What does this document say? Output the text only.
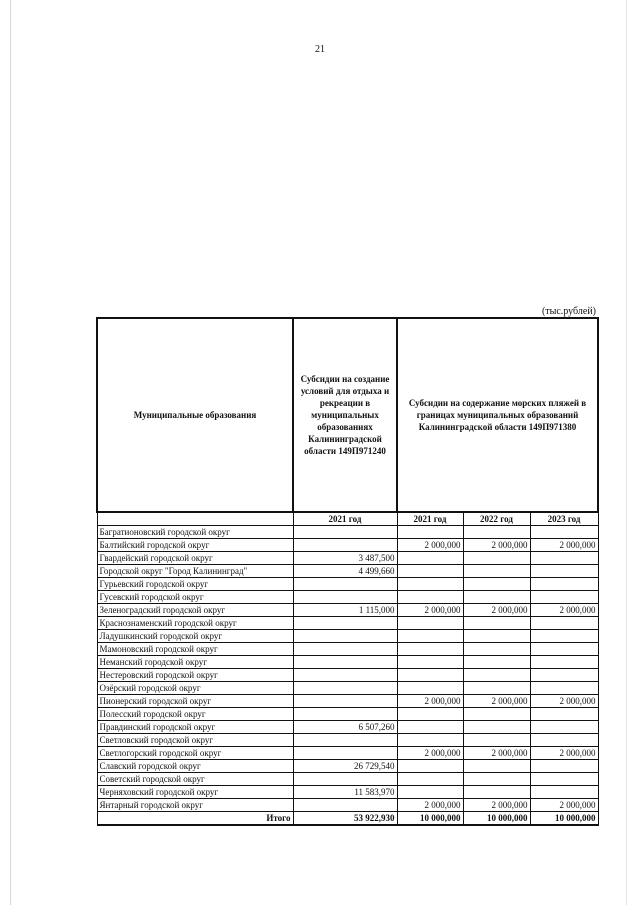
21
(тыс.рублей)
Муниципальные образования	Субсидии на создание условий для отдыха и рекреации в муниципальных образованиях Калининградской области 149П971240	Субсидии на содержание морских пляжей в границах муниципальных образований Калининградской области 149П971380		
	2021 год	2021 год	2022 год	2023 год
Багратионовский городской округ				
Балтийский городской округ		2 000,000	2 000,000	2 000,000
Гвардейский городской округ	3 487,500			
Городской округ "Город Калининград"	4 499,660			
Гурьевский городской округ				
Гусевский городской округ				
Зеленоградский городской округ	1 115,000	2 000,000	2 000,000	2 000,000
Краснознаменский городской округ				
Ладушкинский городской округ				
Мамоновский городской округ				
Неманский городской округ				
Нестеровский городской округ				
Озёрский городской округ				
Пионерский городской округ		2 000,000	2 000,000	2 000,000
Полесский городской округ				
Правдинский городской округ	6 507,260			
Светловский городской округ				
Светлогорский городской округ		2 000,000	2 000,000	2 000,000
Славский городской округ	26 729,540			
Советский городской округ				
Черняховский городской округ	11 583,970			
Янтарный городской округ		2 000,000	2 000,000	2 000,000
Итого	53 922,930	10 000,000	10 000,000	10 000,000
